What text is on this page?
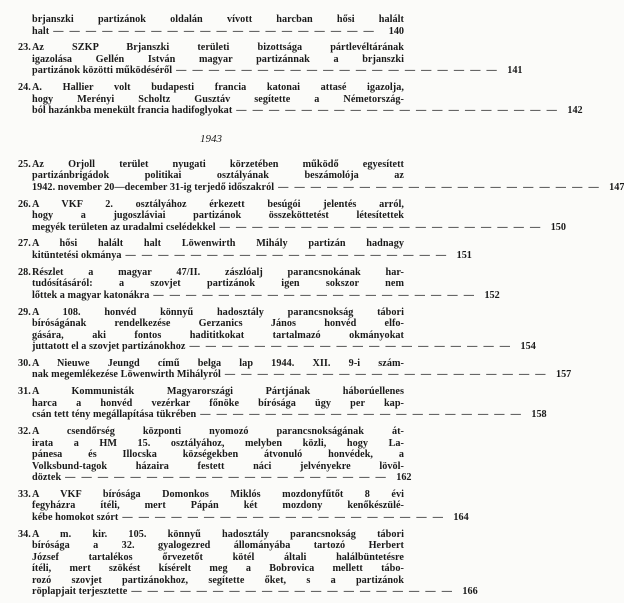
brjanszki partizánok oldalán vívott harcban hősi halált
halt — — — — — — — — — — — — — — — — — — — —	140
23. Az SZKP Brjanszki területi bizottsága pártlevéltárának
igazolása Gellén István magyar partizánnak a brjanszki
partizánok közötti működéséről — — — — — — — — — — — — — — — — — — — — 141
24. A. Hallier volt budapesti francia katonai attasé igazolja,
hogy Merényi Scholtz Gusztáv segítette a Németország-
ból hazánkba menekült francia hadifoglyokat — — — — — — — — — — — — — — — — — — — — 142
1943
25. Az Orjoll terület nyugati körzetében működő egyesített
partizánbrigádok politikai osztályának beszámolója az
1942. november 20—december 31-ig terjedő időszakról — — — — — — — — — — — — — — — — — — — — 147
26. A VKF 2. osztályához érkezett besúgói jelentés arról,
hogy a jugoszláviai partizánok összeköttetést létesítettek
megyék területen az uradalmi cselédekkel — — — — — — — — — — — — — — — — — — — — 150
27. A hősi halált halt Löwenwirth Mihály partizán hadnagy
kitüntetési okmánya — — — — — — — — — — — — — — — — — — — — 151
28. Részlet a magyar 47/II. zászlóalj parancsnokának har-
tudósításáról: a szovjet partizánok igen sokszor nem
lőttek a magyar katonákra — — — — — — — — — — — — — — — — — — — — 152
29. A 108. honvéd könnyű hadosztály parancsnokság tábori
bíróságának rendelkezése Gerzanics János honvéd elfo-
gására, aki fontos hadititkokat tartalmazó okmányokat
juttatott el a szovjet partizánokhoz — — — — — — — — — — — — — — — — — — — — 154
30. A Nieuwe Jeungd című belga lap 1944. XII. 9-i szám-
nak megemlékezése Löwenwirth Mihályról — — — — — — — — — — — — — — — — — — — — 157
31. A Kommunisták Magyarországi Pártjának háborúellenes
harca a honvéd vezérkar főnöke bírósága ügy per kap-
csán tett tény megállapítása tükrében — — — — — — — — — — — — — — — — — — — — 158
32. A csendőrség központi nyomozó parancsnokságának át-
irata a HM 15. osztályához, melyben közli, hogy La-
pánesa és Illocska községekben átvonuló honvédek, a
Volksbund-tagok házaira festett náci jelvényekre lövöl-
döztek — — — — — — — — — — — — — — — — — — — — 162
33. A VKF bírósága Domonkos Miklós mozdonyfűtőt 8 évi
fegyházra ítéli, mert Pápán két mozdony kenőkészülé-
kébe homokot szórt — — — — — — — — — — — — — — — — — — — — 164
34. A m. kir. 105. könnyű hadosztály parancsnokság tábori
bírósága a 32. gyalogezred állományába tartozó Herbert
József tartalékos őrvezetőt kötél általi halálbüntetésre
ítéli, mert szökést kísérelt meg a Bobrovica mellett tábo-
rozó szovjet partizánokhoz, segítette őket, s a partizánok
röplapjait terjesztette — — — — — — — — — — — — — — — — — — — — 166
